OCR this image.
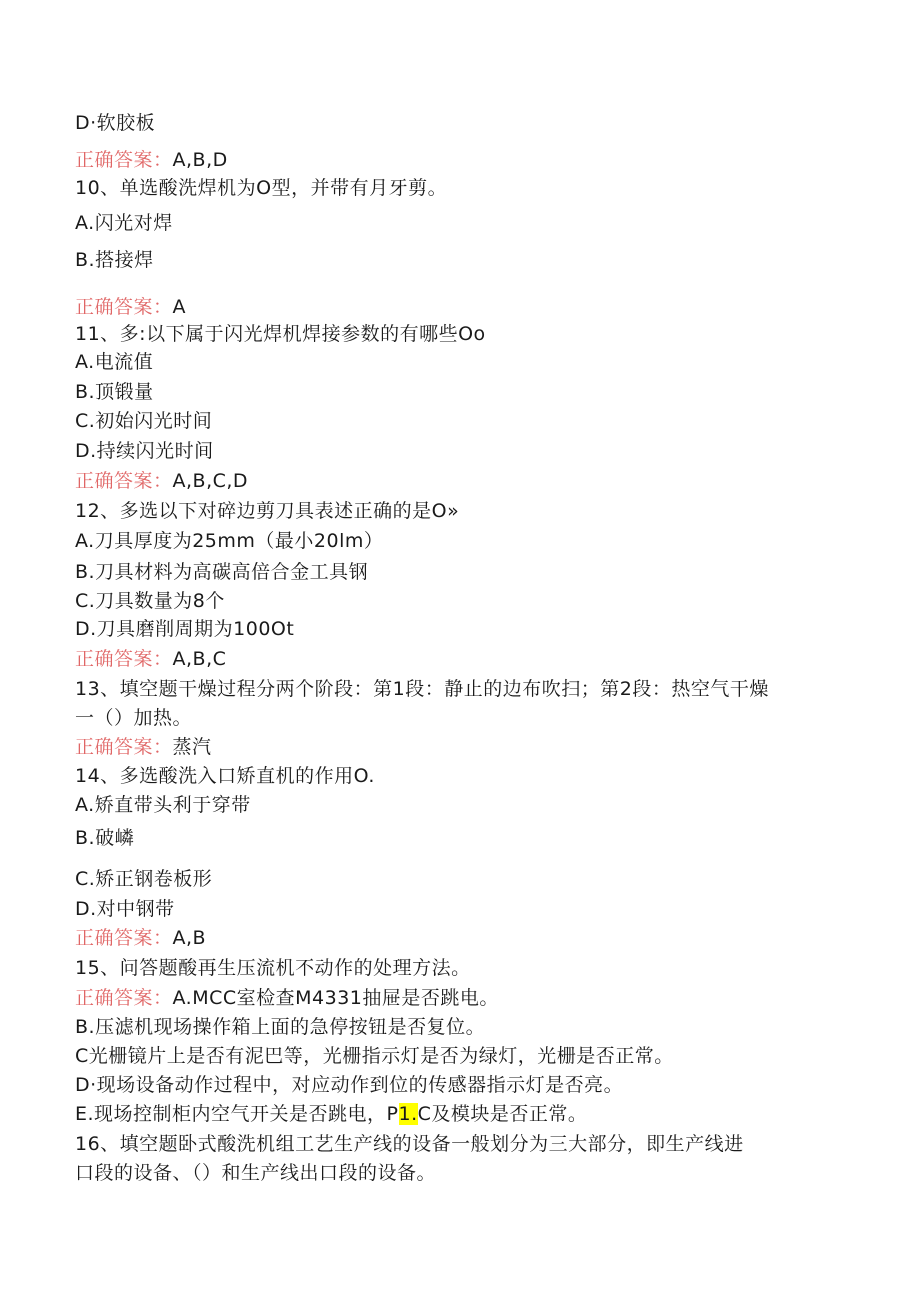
D·软胶板
正确答案：A,B,D
10、单选酸洗焊机为O型，并带有月牙剪。
A.闪光对焊
B.搭接焊
正确答案：A
11、多:以下属于闪光焊机焊接参数的有哪些Oo
A.电流值
B.顶锻量
C.初始闪光时间
D.持续闪光时间
正确答案：A,B,C,D
12、多选以下对碎边剪刀具表述正确的是O»
A.刀具厚度为25mm（最小20lm）
B.刀具材料为高碳高倍合金工具钢
C.刀具数量为8个
D.刀具磨削周期为100Ot
正确答案：A,B,C
13、填空题干燥过程分两个阶段：第1段：静止的边布吹扫；第2段：热空气干燥
一（）加热。
正确答案：蒸汽
14、多选酸洗入口矫直机的作用O.
A.矫直带头利于穿带
B.破嶙
C.矫正钢卷板形
D.对中钢带
正确答案：A,B
15、问答题酸再生压流机不动作的处理方法。
正确答案：A.MCC室检查M4331抽屉是否跳电。
B.压滤机现场操作箱上面的急停按钮是否复位。
C光栅镜片上是否有泥巴等，光栅指示灯是否为绿灯，光栅是否正常。
D·现场设备动作过程中，对应动作到位的传感器指示灯是否亮。
E.现场控制柜内空气开关是否跳电，P1.C及模块是否正常。
16、填空题卧式酸洗机组工艺生产线的设备一般划分为三大部分，即生产线进
口段的设备、（）和生产线出口段的设备。
